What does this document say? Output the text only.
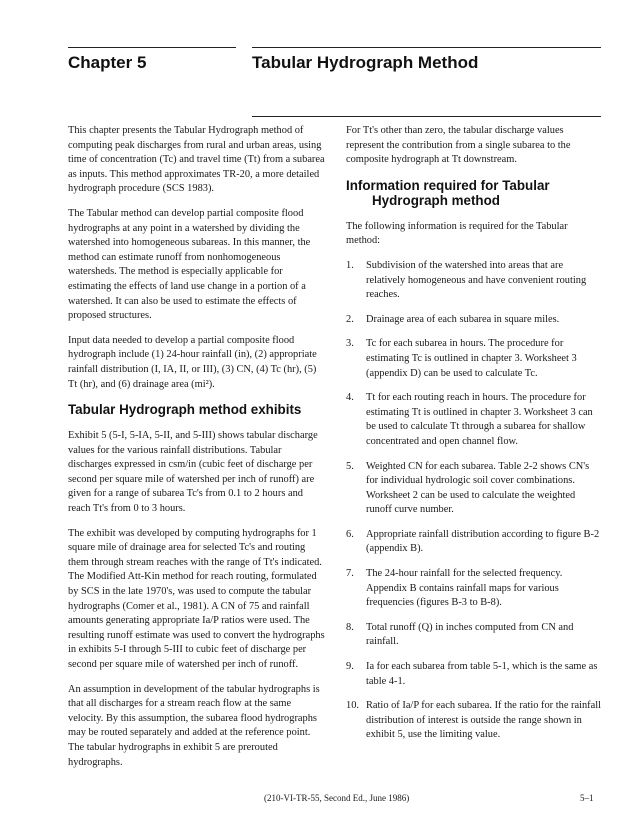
Chapter 5	Tabular Hydrograph Method

This chapter presents the Tabular Hydrograph method of computing peak discharges from rural and urban areas, using time of concentration (Tc) and travel time (Tt) from a subarea as inputs. This method approximates TR-20, a more detailed hydrograph procedure (SCS 1983).

The Tabular method can develop partial composite flood hydrographs at any point in a watershed by dividing the watershed into homogeneous subareas. In this manner, the method can estimate runoff from nonhomogeneous watersheds. The method is especially applicable for estimating the effects of land use change in a portion of a watershed. It can also be used to estimate the effects of proposed structures.

Input data needed to develop a partial composite flood hydrograph include (1) 24-hour rainfall (in), (2) appropriate rainfall distribution (I, IA, II, or III), (3) CN, (4) Tc (hr), (5) Tt (hr), and (6) drainage area (mi²).

Tabular Hydrograph method exhibits

Exhibit 5 (5-I, 5-IA, 5-II, and 5-III) shows tabular discharge values for the various rainfall distributions. Tabular discharges expressed in csm/in (cubic feet of discharge per second per square mile of watershed per inch of runoff) are given for a range of subarea Tc's from 0.1 to 2 hours and reach Tt's from 0 to 3 hours.

The exhibit was developed by computing hydrographs for 1 square mile of drainage area for selected Tc's and routing them through stream reaches with the range of Tt's indicated. The Modified Att-Kin method for reach routing, formulated by SCS in the late 1970's, was used to compute the tabular hydrographs (Comer et al., 1981). A CN of 75 and rainfall amounts generating appropriate Ia/P ratios were used. The resulting runoff estimate was used to convert the hydrographs in exhibits 5-I through 5-III to cubic feet of discharge per second per square mile of watershed per inch of runoff.

An assumption in development of the tabular hydrographs is that all discharges for a stream reach flow at the same velocity. By this assumption, the subarea flood hydrographs may be routed separately and added at the reference point. The tabular hydrographs in exhibit 5 are prerouted hydrographs.

For Tt's other than zero, the tabular discharge values represent the contribution from a single subarea to the composite hydrograph at Tt downstream.

Information required for Tabular Hydrograph method

The following information is required for the Tabular method:

1.	Subdivision of the watershed into areas that are relatively homogeneous and have convenient routing reaches.
2.	Drainage area of each subarea in square miles.
3.	Tc for each subarea in hours. The procedure for estimating Tc is outlined in chapter 3. Worksheet 3 (appendix D) can be used to calculate Tc.
4.	Tt for each routing reach in hours. The procedure for estimating Tt is outlined in chapter 3. Worksheet 3 can be used to calculate Tt through a subarea for shallow concentrated and open channel flow.
5.	Weighted CN for each subarea. Table 2-2 shows CN's for individual hydrologic soil cover combinations. Worksheet 2 can be used to calculate the weighted runoff curve number.
6.	Appropriate rainfall distribution according to figure B-2 (appendix B).
7.	The 24-hour rainfall for the selected frequency. Appendix B contains rainfall maps for various frequencies (figures B-3 to B-8).
8.	Total runoff (Q) in inches computed from CN and rainfall.
9.	Ia for each subarea from table 5-1, which is the same as table 4-1.
10. Ratio of Ia/P for each subarea. If the ratio for the rainfall distribution of interest is outside the range shown in exhibit 5, use the limiting value.
(210-VI-TR-55, Second Ed., June 1986)	5–1
